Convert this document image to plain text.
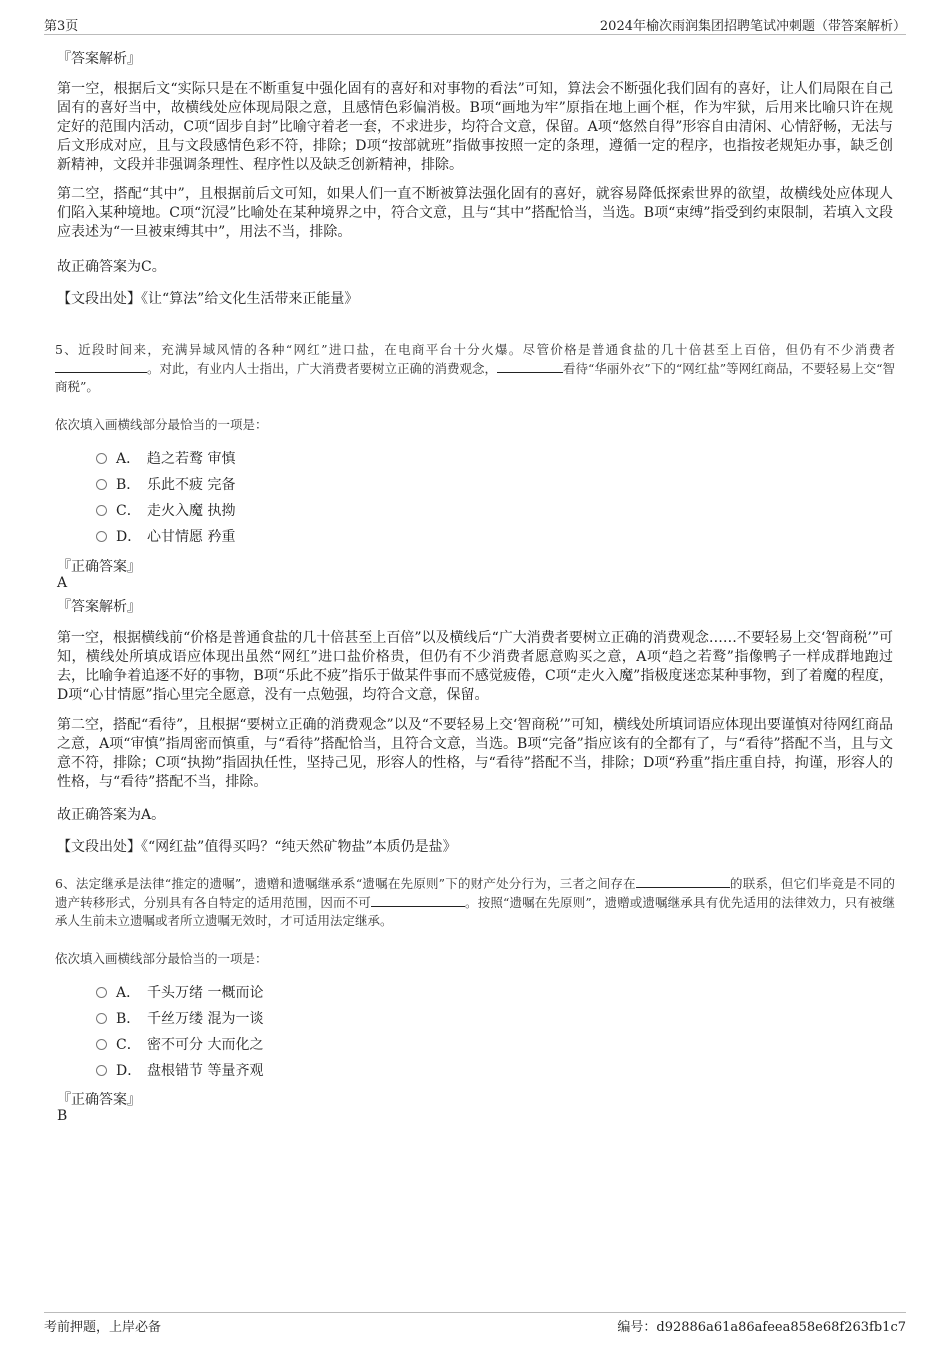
第3页	2024年榆次雨润集团招聘笔试冲刺题（带答案解析）
『答案解析』
第一空，根据后文“实际只是在不断重复中强化固有的喜好和对事物的看法”可知，算法会不断强化我们固有的喜好，让人们局限在自己固有的喜好当中，故横线处应体现局限之意，且感情色彩偏消极。B项“画地为牢”原指在地上画个框，作为牢狱，后用来比喻只许在规定好的范围内活动，C项“固步自封”比喻守着老一套，不求进步，均符合文意，保留。A项“悠然自得”形容自由清闲、心情舒畅，无法与后文形成对应，且与文段感情色彩不符，排除；D项“按部就班”指做事按照一定的条理，遵循一定的程序，也指按老规矩办事，缺乏创新精神，文段并非强调条理性、程序性以及缺乏创新精神，排除。
第二空，搭配“其中”，且根据前后文可知，如果人们一直不断被算法强化固有的喜好，就容易降低探索世界的欲望，故横线处应体现人们陷入某种境地。C项“沉浸”比喻处在某种境界之中，符合文意，且与“其中”搭配恰当，当选。B项“束缚”指受到约束限制，若填入文段应表述为“一旦被束缚其中”，用法不当，排除。
故正确答案为C。
【文段出处】《让“算法”给文化生活带来正能量》
5、近段时间来，充满异域风情的各种“网红”进口盐，在电商平台十分火爆。尽管价格是普通食盐的几十倍甚至上百倍，但仍有不少消费者。对此，有业内人士指出，广大消费者要树立正确的消费观念，	看待“华丽外衣”下的“网红盐”等网红商品，不要轻易上交“智商税”。
依次填入画横线部分最恰当的一项是：
A． 趋之若鹜 审慎
B． 乐此不疲 完备
C． 走火入魔 执拗
D． 心甘情愿 矜重
『正确答案』
A
『答案解析』
第一空，根据横线前“价格是普通食盐的几十倍甚至上百倍”以及横线后“广大消费者要树立正确的消费观念……不要轻易上交‘智商税’”可知，横线处所填成语应体现出虽然“网红”进口盐价格贵，但仍有不少消费者愿意购买之意，A项“趋之若鹜”指像鸭子一样成群地跑过去，比喻争着追逐不好的事物，B项“乐此不疲”指乐于做某件事而不感觉疲倦，C项“走火入魔”指极度迷恋某种事物，到了着魔的程度，D项“心甘情愿”指心里完全愿意，没有一点勉强，均符合文意，保留。
第二空，搭配“看待”，且根据“要树立正确的消费观念”以及“不要轻易上交‘智商税’”可知，横线处所填词语应体现出要谨慎对待网红商品之意，A项“审慎”指周密而慎重，与“看待”搭配恰当，且符合文意，当选。B项“完备”指应该有的全都有了，与“看待”搭配不当，且与文意不符，排除；C项“执拗”指固执任性，坚持己见，形容人的性格，与“看待”搭配不当，排除；D项“矜重”指庄重自持，拘谨，形容人的性格，与“看待”搭配不当，排除。
故正确答案为A。
【文段出处】《“网红盐”值得买吗？“纯天然矿物盐”本质仍是盐》
6、法定继承是法律“推定的遗嘱”，遗赠和遗嘱继承系“遗嘱在先原则”下的财产处分行为，三者之间存在	的联系，但它们毕竟是不同的遗产转移形式，分别具有各自特定的适用范围，因而不可	。按照“遗嘱在先原则”，遗赠或遗嘱继承具有优先适用的法律效力，只有被继承人生前未立遗嘱或者所立遗嘱无效时，才可适用法定继承。
依次填入画横线部分最恰当的一项是：
A． 千头万绪 一概而论
B． 千丝万缕 混为一谈
C． 密不可分 大而化之
D． 盘根错节 等量齐观
『正确答案』
B
考前押题，上岸必备	编号：d92886a61a86afeea858e68f263fb1c7
